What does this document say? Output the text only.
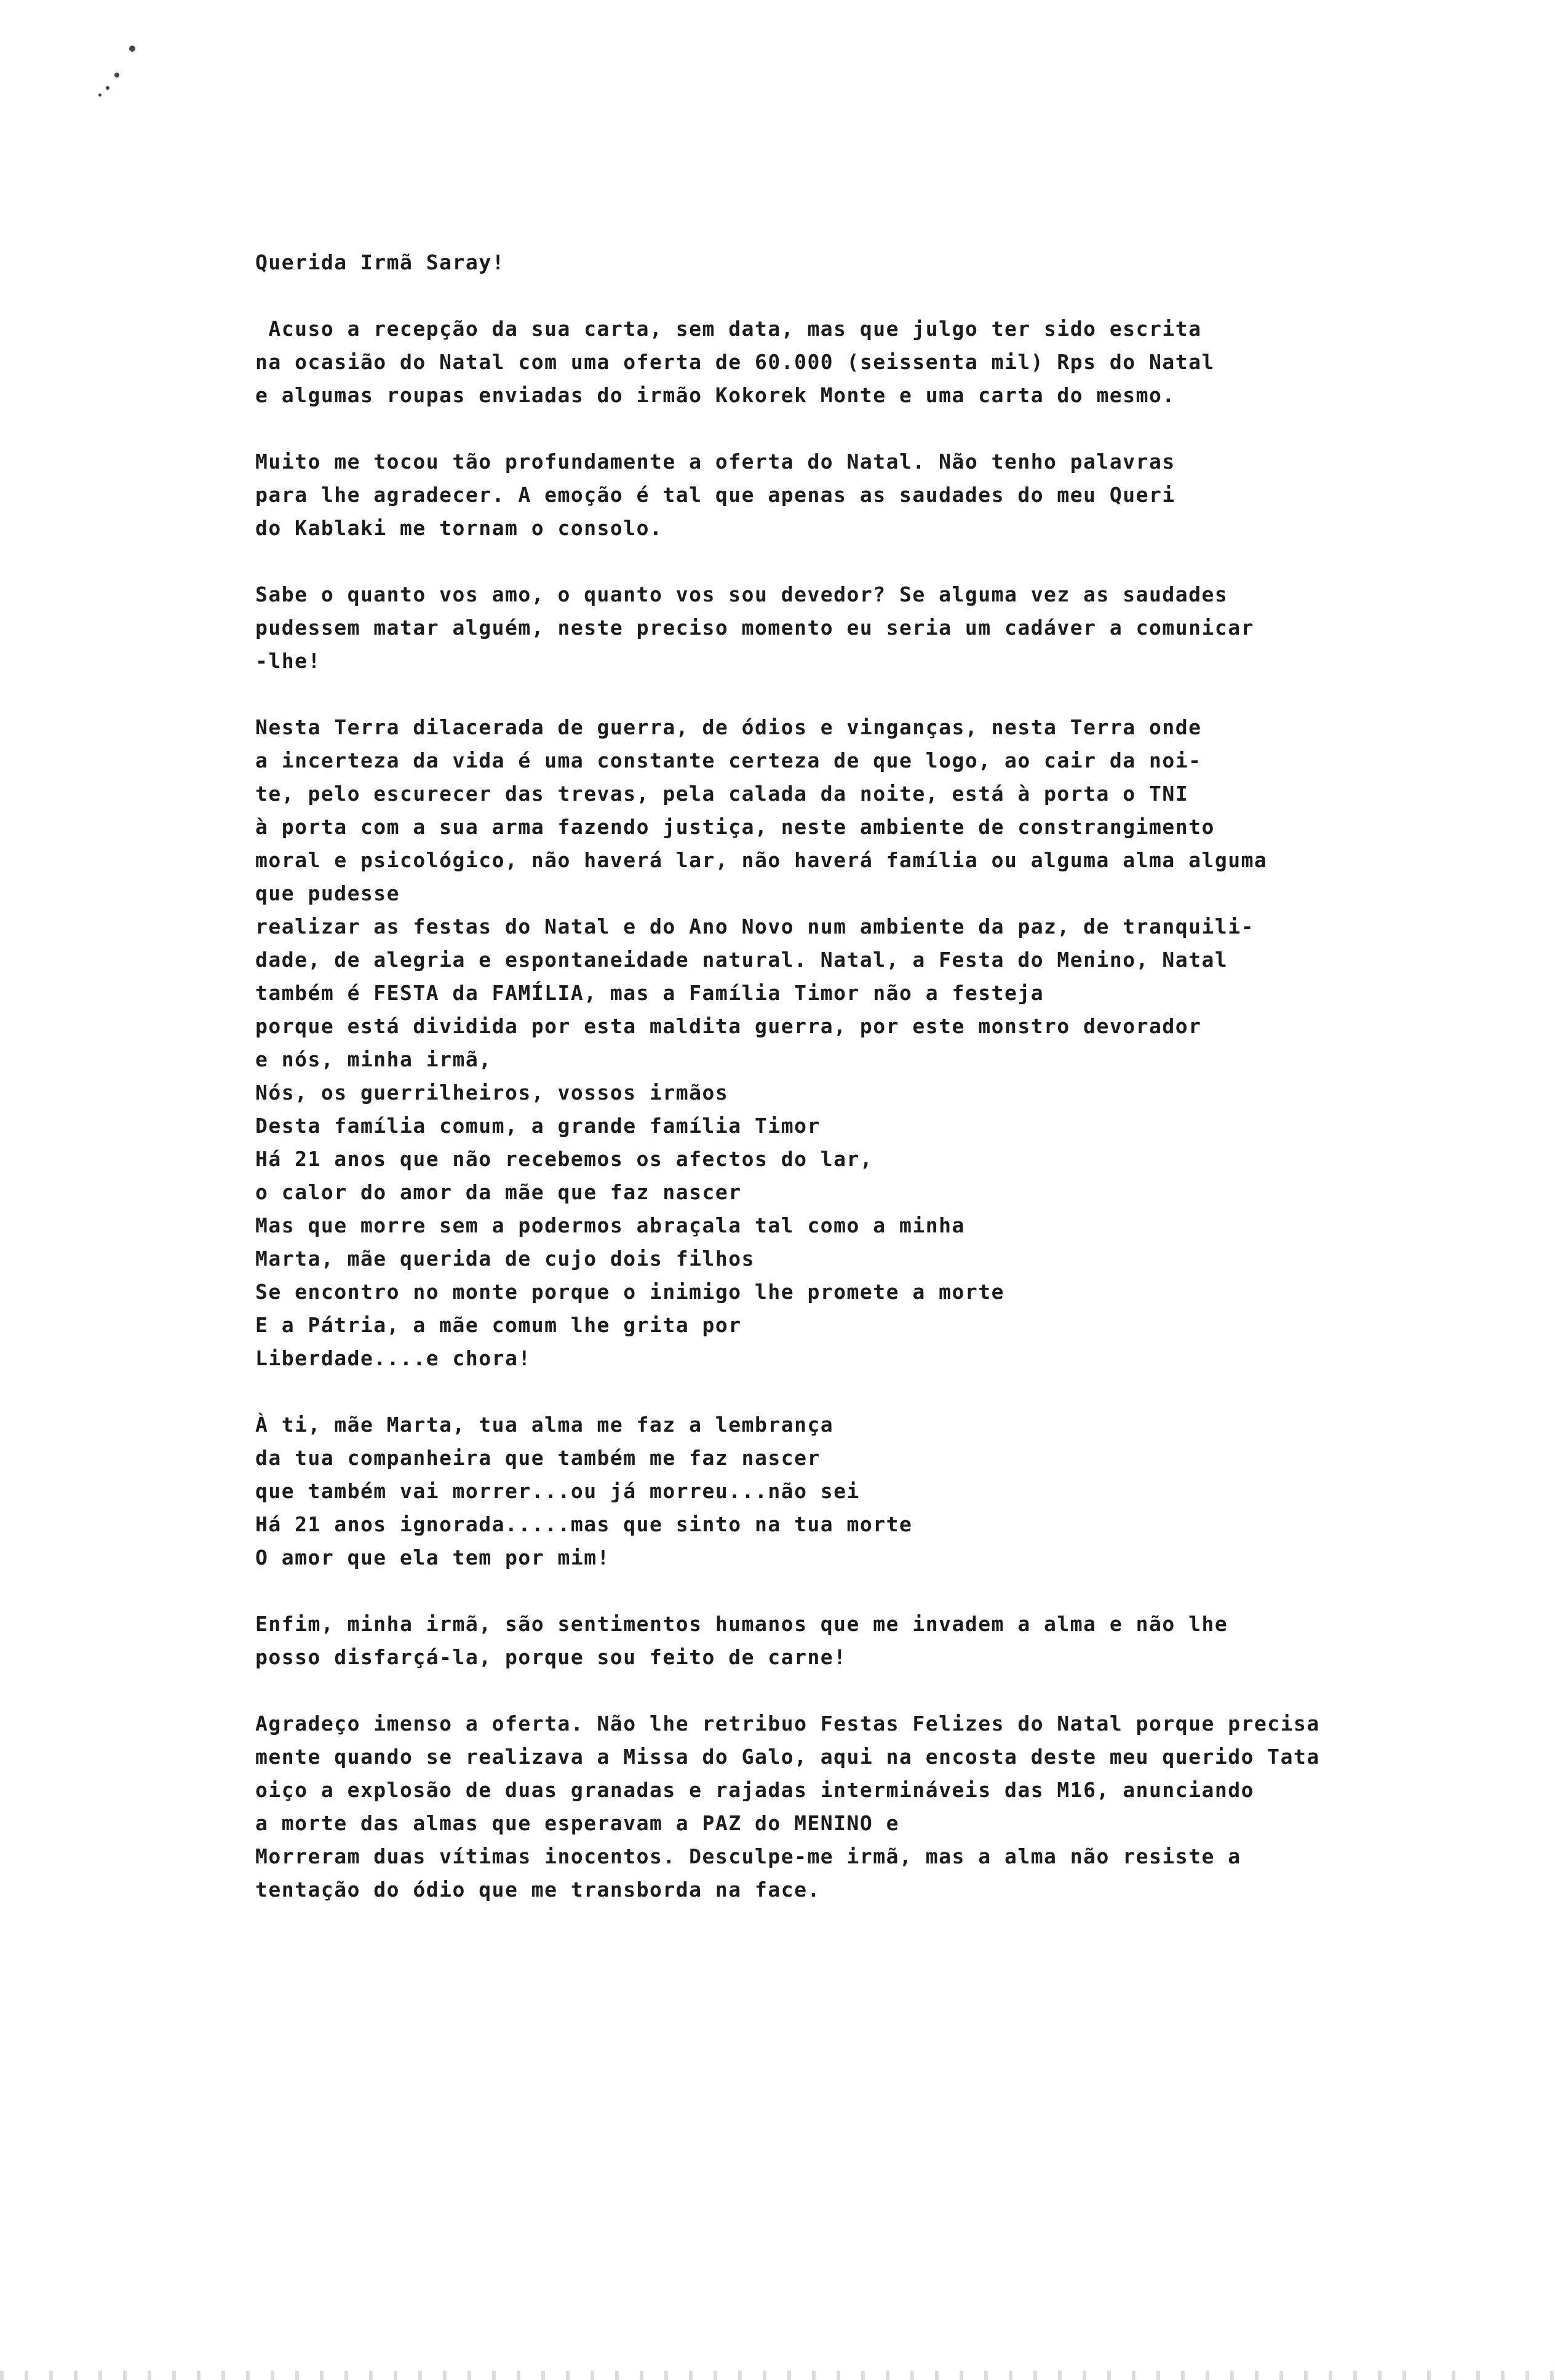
Querida Irmã Saray!
Acuso a recepção da sua carta, sem data, mas que julgo ter sido escrita
na ocasião do Natal com uma oferta de 60.000 (seissenta mil) Rps do Natal
e algumas roupas enviadas do irmão Kokorek Monte e uma carta do mesmo.
Muito me tocou tão profundamente a oferta do Natal. Não tenho palavras
para lhe agradecer. A emoção é tal que apenas as saudades do meu Queri
do Kablaki me tornam o consolo.
Sabe o quanto vos amo, o quanto vos sou devedor? Se alguma vez as saudades
pudessem matar alguém, neste preciso momento eu seria um cadáver a comunicar
-lhe!
Nesta Terra dilacerada de guerra, de ódios e vinganças, nesta Terra onde
a incerteza da vida é uma constante certeza de que logo, ao cair da noi-
te, pelo escurecer das trevas, pela calada da noite, está à porta o TNI
à porta com a sua arma fazendo justiça, neste ambiente de constrangimento
moral e psicológico, não haverá lar, não haverá família ou alguma alma alguma
que pudesse
realizar as festas do Natal e do Ano Novo num ambiente da paz, de tranquili-
dade, de alegria e espontaneidade natural. Natal, a Festa do Menino, Natal
também é FESTA da FAMÍLIA, mas a Família Timor não a festeja
porque está dividida por esta maldita guerra, por este monstro devorador
e nós, minha irmã,
Nós, os guerrilheiros, vossos irmãos
Desta família comum, a grande família Timor
Há 21 anos que não recebemos os afectos do lar,
o calor do amor da mãe que faz nascer
Mas que morre sem a podermos abraçala tal como a minha
Marta, mãe querida de cujo dois filhos
Se encontro no monte porque o inimigo lhe promete a morte
E a Pátria, a mãe comum lhe grita por
Liberdade....e chora!
À ti, mãe Marta, tua alma me faz a lembrança
da tua companheira que também me faz nascer
que também vai morrer...ou já morreu...não sei
Há 21 anos ignorada.....mas que sinto na tua morte
O amor que ela tem por mim!
Enfim, minha irmã, são sentimentos humanos que me invadem a alma e não lhe
posso disfarçá-la, porque sou feito de carne!
Agradeço imenso a oferta. Não lhe retribuo Festas Felizes do Natal porque precisa
mente quando se realizava a Missa do Galo, aqui na encosta deste meu querido Tata
oiço a explosão de duas granadas e rajadas intermináveis das M16, anunciando
a morte das almas que esperavam a PAZ do MENINO e
Morreram duas vítimas inocentos. Desculpe-me irmã, mas a alma não resiste a
tentação do ódio que me transborda na face.
